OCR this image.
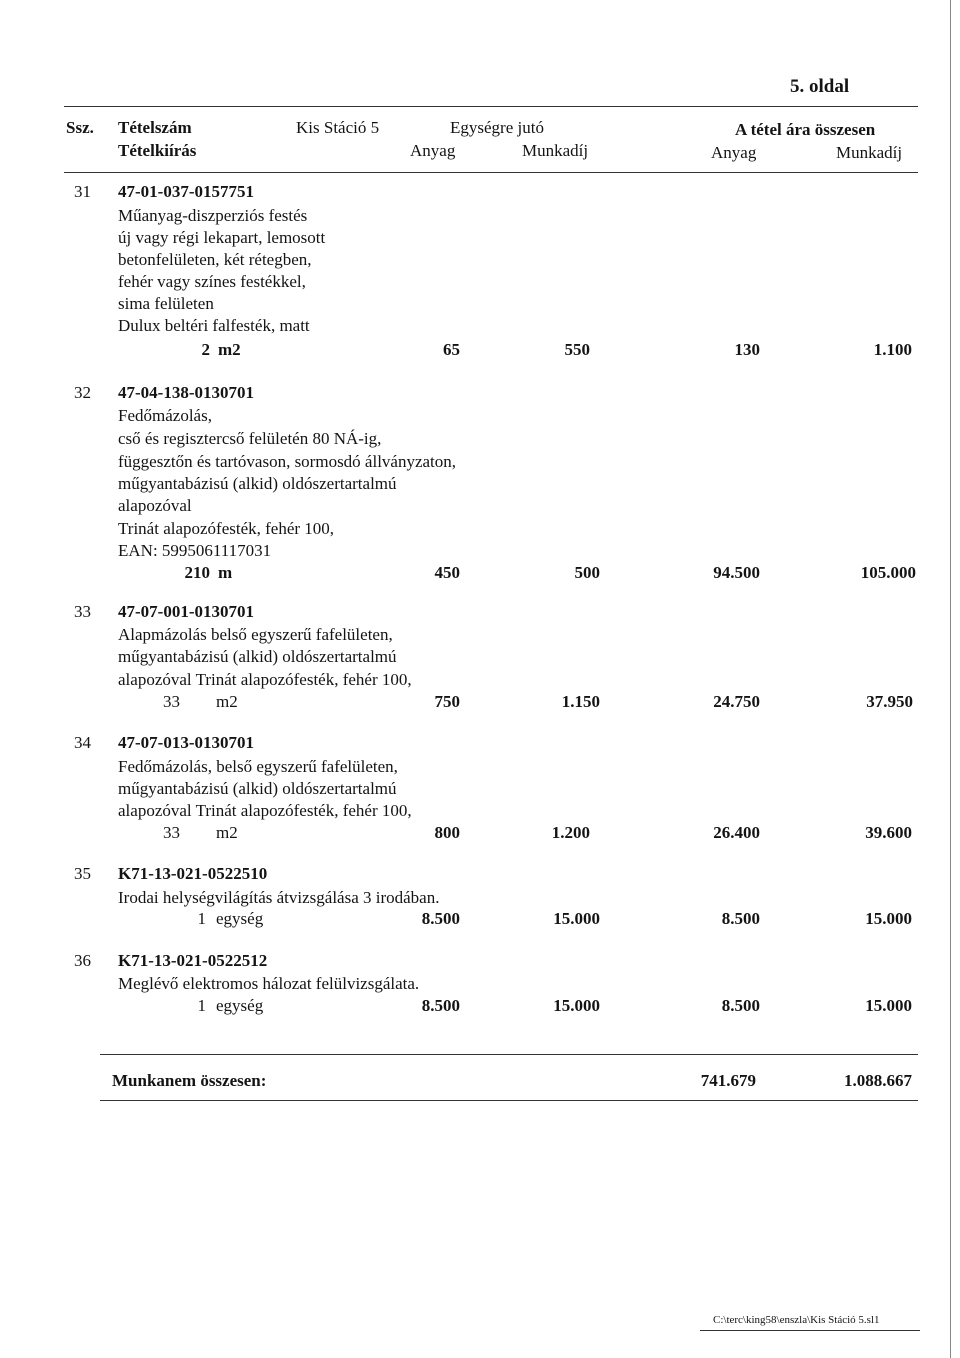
5. oldal
Ssz. Tételszám
Tételkiírás
Kis Stáció 5	Egységre jutó
Anyag	Munkadíj
A tétel ára összesen
Anyag	Munkadíj
31 47-01-037-0157751
Műanyag-diszperziós festés
új vagy régi lekapart, lemosott
betonfelületen, két rétegben,
fehér vagy színes festékkel,
sima felületen
Dulux beltéri falfesték, matt
2 m2	65	550	130	1.100
32 47-04-138-0130701
Fedőmázolás,
cső és regisztercső felületén 80 NÁ-ig,
függesztőn és tartóvason, sormosdó állványzaton,
műgyantabázisú (alkid) oldószertartalmú
alapozóval
Trinát alapozófesték, fehér 100,
EAN: 5995061117031
210 m	450	500	94.500	105.000
33 47-07-001-0130701
Alapmázolás belső egyszerű fafelületen,
műgyantabázisú (alkid) oldószertartalmú
alapozóval Trinát alapozófesték, fehér 100,
33 m2	750	1.150	24.750	37.950
34 47-07-013-0130701
Fedőmázolás, belső egyszerű fafelületen,
műgyantabázisú (alkid) oldószertartalmú
alapozóval Trinát alapozófesték, fehér 100,
33 m2	800	1.200	26.400	39.600
35 K71-13-021-0522510
Irodai helységvilágítás átvizsgálása 3 irodában.
1 egység	8.500	15.000	8.500	15.000
36 K71-13-021-0522512
Meglévő elektromos hálozat felülvizsgálata.
1 egység	8.500	15.000	8.500	15.000
Munkanem összesen:	741.679	1.088.667
C:\terc\king58\enszla\Kis Stáció 5.sl1
